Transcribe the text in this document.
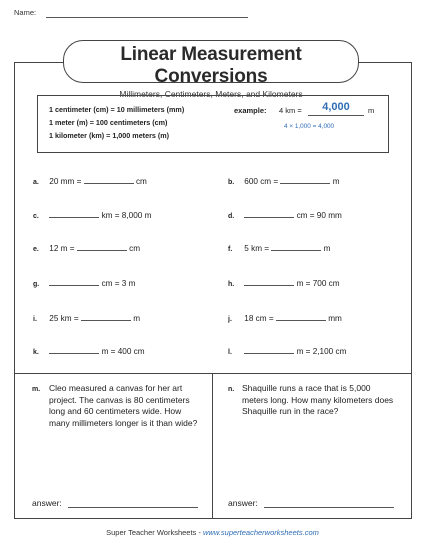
Name:
Linear Measurement Conversions
Millimeters, Centimeters, Meters, and Kilometers
1 centimeter (cm) = 10 millimeters (mm)
1 meter (m) = 100 centimeters (cm)
1 kilometer (km) = 1,000 meters (m)
example: 4 km =	4,000	m
4 × 1,000 = 4,000
a. 20 mm =	cm
c.	km = 8,000 m
e. 12 m =	cm
g.	cm = 3 m
i. 25 km =	m
k.	m = 400 cm
b. 600 cm =	m
d.	cm = 90 mm
f. 5 km =	m
h.	m = 700 cm
j. 18 cm =	mm
l.	m = 2,100 cm
m. Cleo measured a canvas for her art project. The canvas is 80 centimeters long and 60 centimeters wide. How many millimeters longer is it than wide?
answer:
n. Shaquille runs a race that is 5,000 meters long. How many kilometers does Shaquille run in the race?
answer:
Super Teacher Worksheets - www.superteacherworksheets.com
